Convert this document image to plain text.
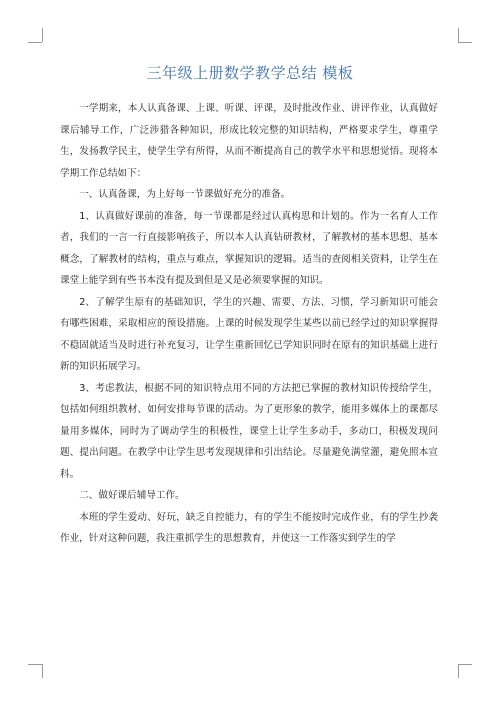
三年级上册数学教学总结 模板

一学期来，本人认真备课、上课、听课、评课，及时批改作业、讲评作业，认真做好课后辅导工作，广泛涉猎各种知识，形成比较完整的知识结构，严格要求学生，尊重学生，发扬教学民主，使学生学有所得，从而不断提高自己的教学水平和思想觉悟。现将本学期工作总结如下：

一、认真备课，为上好每一节课做好充分的准备。

1、认真做好课前的准备，每一节课都是经过认真构思和计划的。作为一名育人工作者，我们的一言一行直接影响孩子，所以本人认真钻研教材，了解教材的基本思想、基本概念，了解教材的结构，重点与难点，掌握知识的逻辑。适当的查阅相关资料，让学生在课堂上能学到有些书本没有提及到但是又是必须要掌握的知识。

2、了解学生原有的基础知识，学生的兴趣、需要、方法、习惯，学习新知识可能会有哪些困难，采取相应的预设措施。上课的时候发现学生某些以前已经学过的知识掌握得不稳固就适当及时进行补充复习，让学生重新回忆已学知识同时在原有的知识基础上进行新的知识拓展学习。

3、考虑教法，根据不同的知识特点用不同的方法把已掌握的教材知识传授给学生，包括如何组织教材、如何安排每节课的活动。为了更形象的教学，能用多媒体上的课都尽量用多媒体，同时为了调动学生的积极性，课堂上让学生多动手，多动口，积极发现问题、提出问题。在教学中让学生思考发现规律和引出结论。尽量避免满堂灌，避免照本宣科。

二、做好课后辅导工作。

本班的学生爱动、好玩，缺乏自控能力，有的学生不能按时完成作业，有的学生抄袭作业，针对这种问题，我注重抓学生的思想教育，并使这一工作落实到学生的学
